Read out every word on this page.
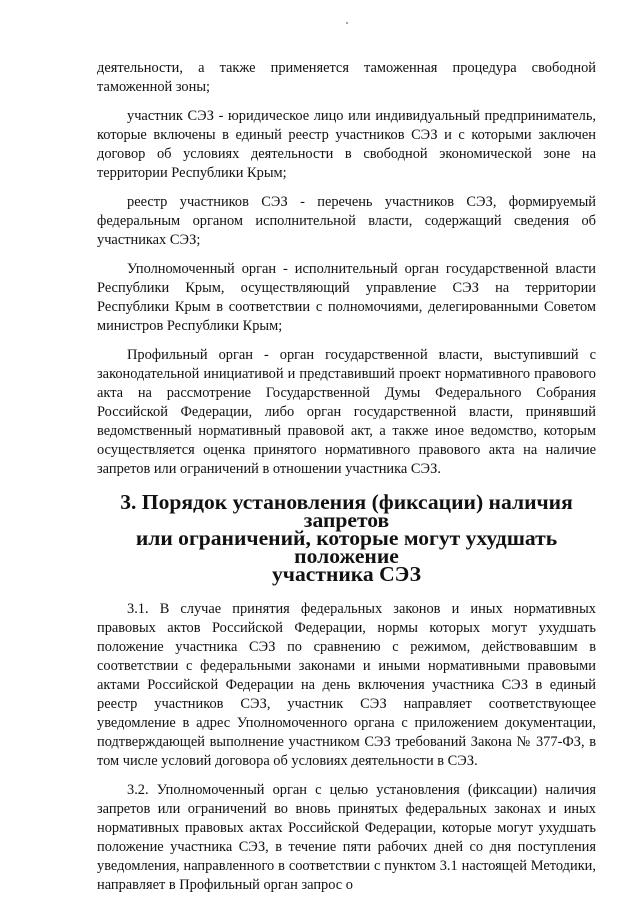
деятельности, а также применяется таможенная процедура свободной таможенной зоны;

участник СЭЗ - юридическое лицо или индивидуальный предприниматель, которые включены в единый реестр участников СЭЗ и с которыми заключен договор об условиях деятельности в свободной экономической зоне на территории Республики Крым;

реестр участников СЭЗ - перечень участников СЭЗ, формируемый федеральным органом исполнительной власти, содержащий сведения об участниках СЭЗ;

Уполномоченный орган - исполнительный орган государственной власти Республики Крым, осуществляющий управление СЭЗ на территории Республики Крым в соответствии с полномочиями, делегированными Советом министров Республики Крым;

Профильный орган - орган государственной власти, выступивший с законодательной инициативой и представивший проект нормативного правового акта на рассмотрение Государственной Думы Федерального Собрания Российской Федерации, либо орган государственной власти, принявший ведомственный нормативный правовой акт, а также иное ведомство, которым осуществляется оценка принятого нормативного правового акта на наличие запретов или ограничений в отношении участника СЭЗ.

3. Порядок установления (фиксации) наличия запретов
или ограничений, которые могут ухудшать положение
участника СЭЗ

3.1. В случае принятия федеральных законов и иных нормативных правовых актов Российской Федерации, нормы которых могут ухудшать положение участника СЭЗ по сравнению с режимом, действовавшим в соответствии с федеральными законами и иными нормативными правовыми актами Российской Федерации на день включения участника СЭЗ в единый реестр участников СЭЗ, участник СЭЗ направляет соответствующее уведомление в адрес Уполномоченного органа с приложением документации, подтверждающей выполнение участником СЭЗ требований Закона № 377-ФЗ, в том числе условий договора об условиях деятельности в СЭЗ.

3.2. Уполномоченный орган с целью установления (фиксации) наличия запретов или ограничений во вновь принятых федеральных законах и иных нормативных правовых актах Российской Федерации, которые могут ухудшать положение участника СЭЗ, в течение пяти рабочих дней со дня поступления уведомления, направленного в соответствии с пунктом 3.1 настоящей Методики, направляет в Профильный орган запрос о
